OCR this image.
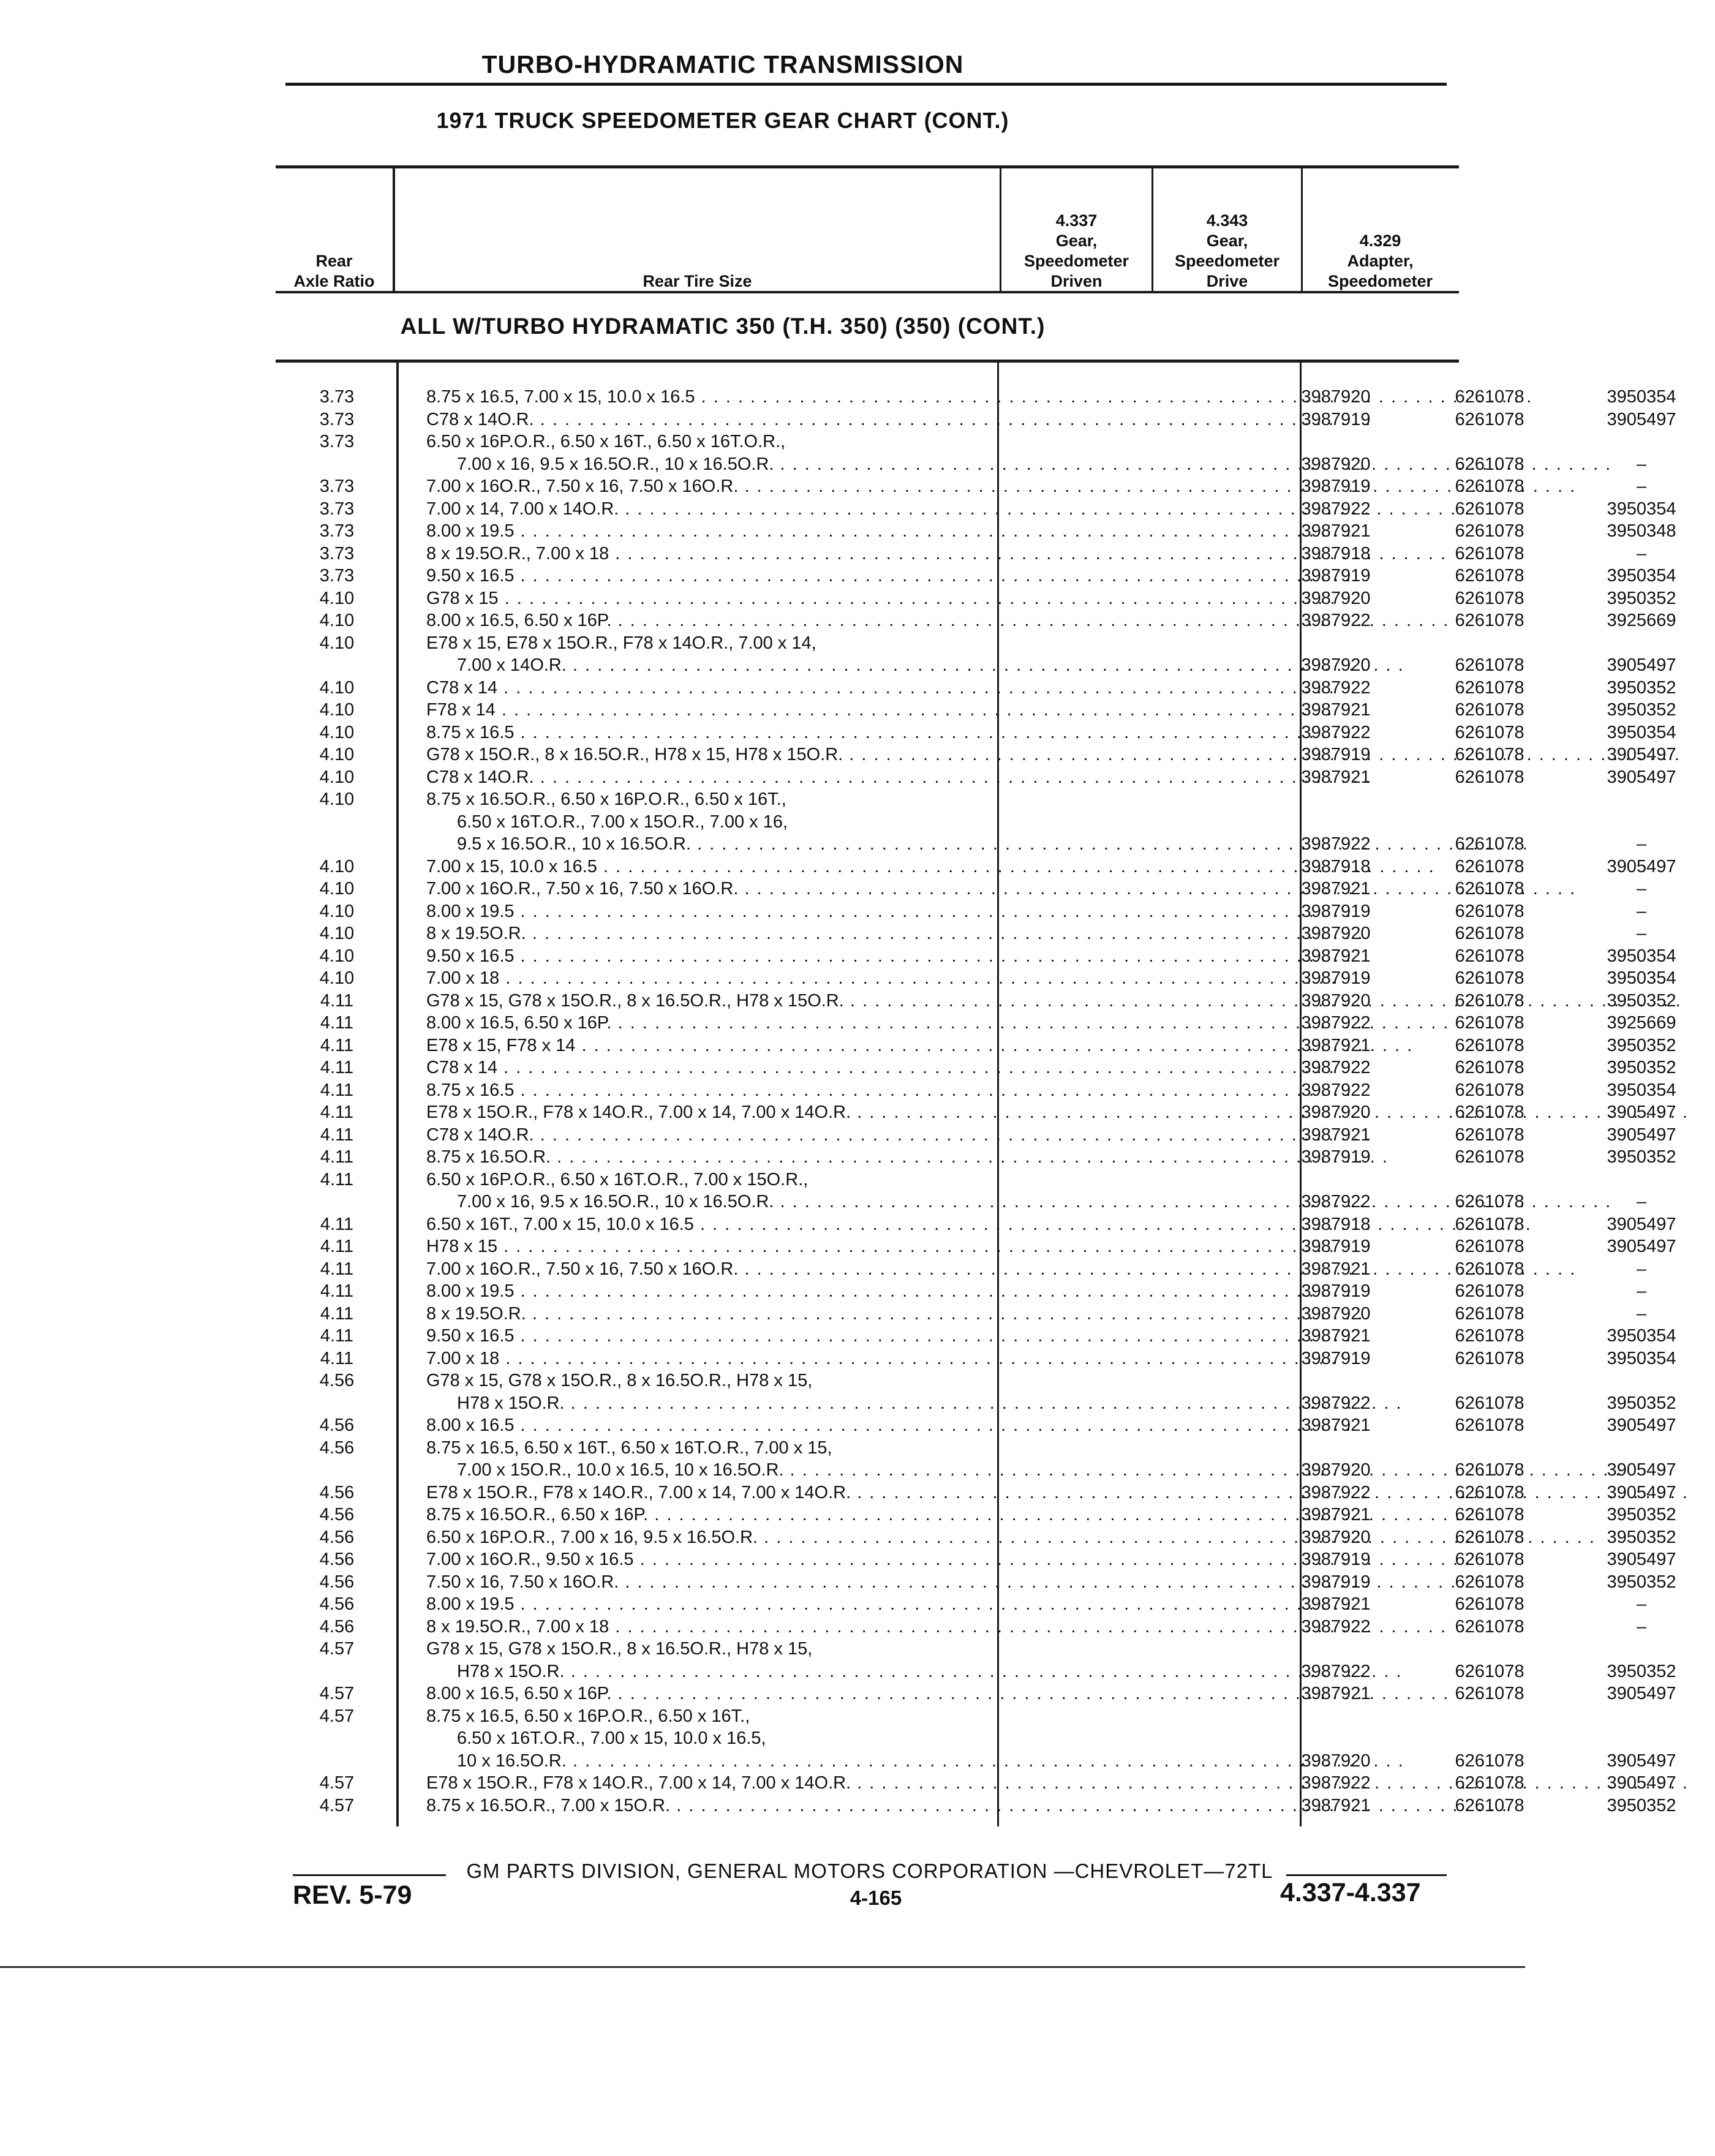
TURBO-HYDRAMATIC TRANSMISSION
1971 TRUCK SPEEDOMETER GEAR CHART (CONT.)
Rear
Axle Ratio	Rear Tire Size
4.337
Gear,
Speedometer
Driven
4.343
Gear,
Speedometer
Drive
4.329
Adapter,
Speedometer
ALL W/TURBO HYDRAMATIC 350 (T.H. 350) (350) (CONT.)
3.73	8.75 x 16.5, 7.00 x 15, 10.0 x 16.5 . . .	3987920	6261078	3950354
3.73	C78 x 14O.R. . . .	3987919	6261078	3905497
3.73	6.50 x 16P.O.R., 6.50 x 16T., 6.50 x 16T.O.R.,
7.00 x 16, 9.5 x 16.5O.R., 10 x 16.5O.R. . . .	3987920	6261078	–
3.73	7.00 x 16O.R., 7.50 x 16, 7.50 x 16O.R. . . .	3987919	6261078	–
3.73	7.00 x 14, 7.00 x 14O.R. . . .	3987922	6261078	3950354
3.73	8.00 x 19.5 . . .	3987921	6261078	3950348
3.73	8 x 19.5O.R., 7.00 x 18 . . .	3987918	6261078	–
3.73	9.50 x 16.5 . . .	3987919	6261078	3950354
4.10	G78 x 15 . . .	3987920	6261078	3950352
4.10	8.00 x 16.5, 6.50 x 16P. . . .	3987922	6261078	3925669
4.10	E78 x 15, E78 x 15O.R., F78 x 14O.R., 7.00 x 14,
7.00 x 14O.R. . . .	3987920	6261078	3905497
4.10	C78 x 14 . . .	3987922	6261078	3950352
4.10	F78 x 14 . . .	3987921	6261078	3950352
4.10	8.75 x 16.5 . . .	3987922	6261078	3950354
4.10	G78 x 15O.R., 8 x 16.5O.R., H78 x 15, H78 x 15O.R. . . .	3987919	6261078	3905497
4.10	C78 x 14O.R. . . .	3987921	6261078	3905497
4.10	8.75 x 16.5O.R., 6.50 x 16P.O.R., 6.50 x 16T.,
6.50 x 16T.O.R., 7.00 x 15O.R., 7.00 x 16,
9.5 x 16.5O.R., 10 x 16.5O.R. . . .	3987922	6261078	–
4.10	7.00 x 15, 10.0 x 16.5 . . .	3987918	6261078	3905497
4.10	7.00 x 16O.R., 7.50 x 16, 7.50 x 16O.R. . . .	3987921	6261078	–
4.10	8.00 x 19.5 . . .	3987919	6261078	–
4.10	8 x 19.5O.R. . . .	3987920	6261078	–
4.10	9.50 x 16.5 . . .	3987921	6261078	3950354
4.10	7.00 x 18 . . .	3987919	6261078	3950354
4.11	G78 x 15, G78 x 15O.R., 8 x 16.5O.R., H78 x 15O.R. . . .	3987920	6261078	3950352
4.11	8.00 x 16.5, 6.50 x 16P. . . .	3987922	6261078	3925669
4.11	E78 x 15, F78 x 14 . . .	3987921	6261078	3950352
4.11	C78 x 14 . . .	3987922	6261078	3950352
4.11	8.75 x 16.5 . . .	3987922	6261078	3950354
4.11	E78 x 15O.R., F78 x 14O.R., 7.00 x 14, 7.00 x 14O.R. . . .	3987920	6261078	3905497
4.11	C78 x 14O.R. . . .	3987921	6261078	3905497
4.11	8.75 x 16.5O.R. . . .	3987919	6261078	3950352
4.11	6.50 x 16P.O.R., 6.50 x 16T.O.R., 7.00 x 15O.R.,
7.00 x 16, 9.5 x 16.5O.R., 10 x 16.5O.R. . . .	3987922	6261078	–
4.11	6.50 x 16T., 7.00 x 15, 10.0 x 16.5 . . .	3987918	6261078	3905497
4.11	H78 x 15 . . .	3987919	6261078	3905497
4.11	7.00 x 16O.R., 7.50 x 16, 7.50 x 16O.R. . . .	3987921	6261078	–
4.11	8.00 x 19.5 . . .	3987919	6261078	–
4.11	8 x 19.5O.R. . . .	3987920	6261078	–
4.11	9.50 x 16.5 . . .	3987921	6261078	3950354
4.11	7.00 x 18 . . .	3987919	6261078	3950354
4.56	G78 x 15, G78 x 15O.R., 8 x 16.5O.R., H78 x 15,
H78 x 15O.R. . . .	3987922	6261078	3950352
4.56	8.00 x 16.5 . . .	3987921	6261078	3905497
4.56	8.75 x 16.5, 6.50 x 16T., 6.50 x 16T.O.R., 7.00 x 15,
7.00 x 15O.R., 10.0 x 16.5, 10 x 16.5O.R. . . .	3987920	6261078	3905497
4.56	E78 x 15O.R., F78 x 14O.R., 7.00 x 14, 7.00 x 14O.R. . . .	3987922	6261078	3905497
4.56	8.75 x 16.5O.R., 6.50 x 16P. . . .	3987921	6261078	3950352
4.56	6.50 x 16P.O.R., 7.00 x 16, 9.5 x 16.5O.R. . . .	3987920	6261078	3950352
4.56	7.00 x 16O.R., 9.50 x 16.5 . . .	3987919	6261078	3905497
4.56	7.50 x 16, 7.50 x 16O.R. . . .	3987919	6261078	3950352
4.56	8.00 x 19.5 . . .	3987921	6261078	–
4.56	8 x 19.5O.R., 7.00 x 18 . . .	3987922	6261078	–
4.57	G78 x 15, G78 x 15O.R., 8 x 16.5O.R., H78 x 15,
H78 x 15O.R. . . .	3987922	6261078	3950352
4.57	8.00 x 16.5, 6.50 x 16P. . . .	3987921	6261078	3905497
4.57	8.75 x 16.5, 6.50 x 16P.O.R., 6.50 x 16T.,
6.50 x 16T.O.R., 7.00 x 15, 10.0 x 16.5,
10 x 16.5O.R. . . .	3987920	6261078	3905497
4.57	E78 x 15O.R., F78 x 14O.R., 7.00 x 14, 7.00 x 14O.R. . . .	3987922	6261078	3905497
4.57	8.75 x 16.5O.R., 7.00 x 15O.R. . . .	3987921	6261078	3950352
GM PARTS DIVISION, GENERAL MOTORS CORPORATION —CHEVROLET—72TL
REV. 5-79	4-165	4.337-4.337
